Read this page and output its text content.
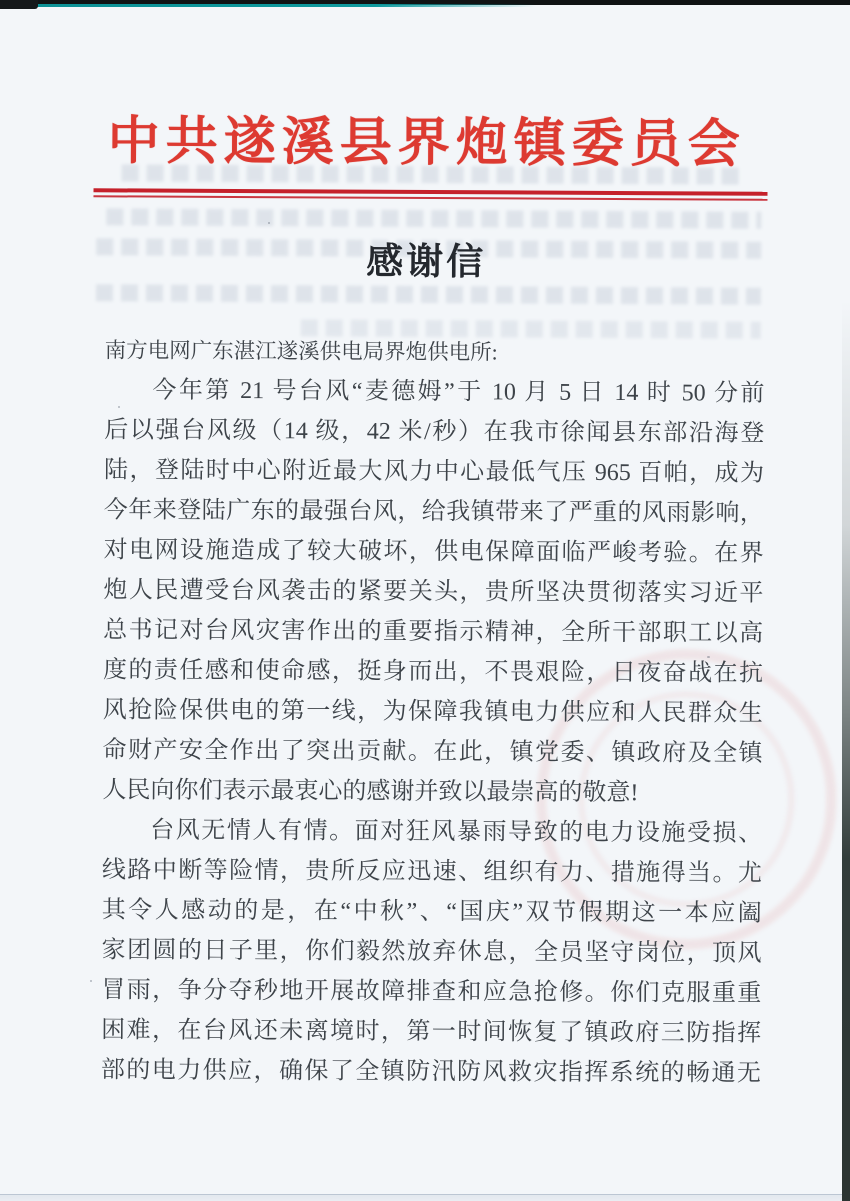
中共遂溪县界炮镇委员会
感谢信
南方电网广东湛江遂溪供电局界炮供电所:
今年第 21 号台风“麦德姆”于 10 月 5 日 14 时 50 分前
后以强台风级（14 级，42 米/秒）在我市徐闻县东部沿海登
陆，登陆时中心附近最大风力中心最低气压 965 百帕，成为
今年来登陆广东的最强台风，给我镇带来了严重的风雨影响，
对电网设施造成了较大破坏，供电保障面临严峻考验。在界
炮人民遭受台风袭击的紧要关头，贵所坚决贯彻落实习近平
总书记对台风灾害作出的重要指示精神，全所干部职工以高
度的责任感和使命感，挺身而出，不畏艰险，日夜奋战在抗
风抢险保供电的第一线，为保障我镇电力供应和人民群众生
命财产安全作出了突出贡献。在此，镇党委、镇政府及全镇
人民向你们表示最衷心的感谢并致以最崇高的敬意!
台风无情人有情。面对狂风暴雨导致的电力设施受损、
线路中断等险情，贵所反应迅速、组织有力、措施得当。尤
其令人感动的是，在“中秋”、“国庆”双节假期这一本应阖
家团圆的日子里，你们毅然放弃休息，全员坚守岗位，顶风
冒雨，争分夺秒地开展故障排查和应急抢修。你们克服重重
困难，在台风还未离境时，第一时间恢复了镇政府三防指挥
部的电力供应，确保了全镇防汛防风救灾指挥系统的畅通无
